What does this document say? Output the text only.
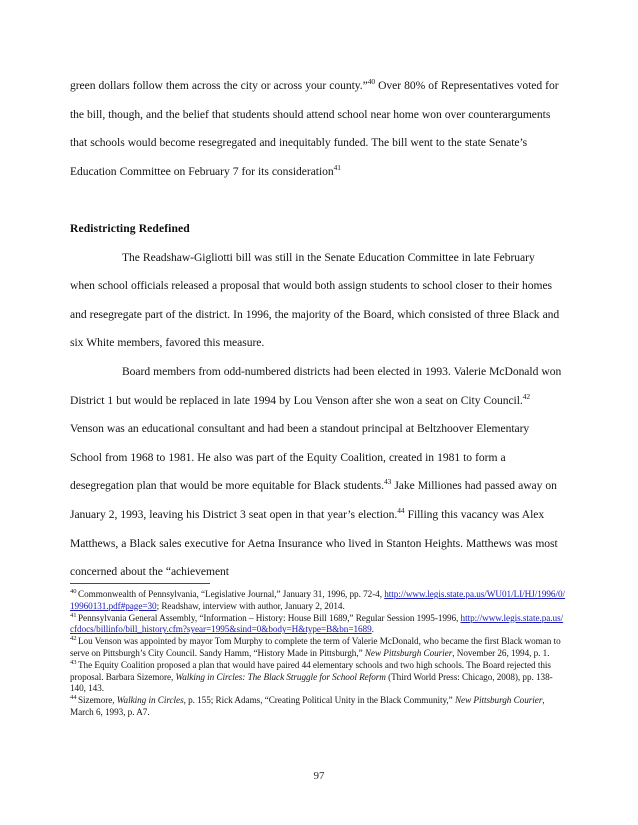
green dollars follow them across the city or across your county.”$^{40}$ Over 80% of Representatives voted for the bill, though, and the belief that students should attend school near home won over counterarguments that schools would become resegregated and inequitably funded. The bill went to the state Senate’s Education Committee on February 7 for its consideration$^{41}$

Redistricting Redefined

The Readshaw-Gigliotti bill was still in the Senate Education Committee in late February when school officials released a proposal that would both assign students to school closer to their homes and resegregate part of the district. In 1996, the majority of the Board, which consisted of three Black and six White members, favored this measure.

Board members from odd-numbered districts had been elected in 1993. Valerie McDonald won District 1 but would be replaced in late 1994 by Lou Venson after she won a seat on City Council.$^{42}$ Venson was an educational consultant and had been a standout principal at Beltzhoover Elementary School from 1968 to 1981. He also was part of the Equity Coalition, created in 1981 to form a desegregation plan that would be more equitable for Black students.$^{43}$ Jake Milliones had passed away on January 2, 1993, leaving his District 3 seat open in that year’s election.$^{44}$ Filling this vacancy was Alex Matthews, a Black sales executive for Aetna Insurance who lived in Stanton Heights. Matthews was most concerned about the “achievement

$^{40}$ Commonwealth of Pennsylvania, “Legislative Journal,” January 31, 1996, pp. 72-4, http://www.legis.state.pa.us/WU01/LI/HJ/1996/0/19960131.pdf#page=30; Readshaw, interview with author, January 2, 2014.

$^{41}$ Pennsylvania General Assembly, “Information – History: House Bill 1689,” Regular Session 1995-1996, http://www.legis.state.pa.us/cfdocs/billinfo/bill_history.cfm?syear=1995&sind=0&body=H&type=B&bn=1689.

$^{42}$ Lou Venson was appointed by mayor Tom Murphy to complete the term of Valerie McDonald, who became the first Black woman to serve on Pittsburgh’s City Council. Sandy Hamm, “History Made in Pittsburgh,” New Pittsburgh Courier, November 26, 1994, p. 1.

$^{43}$ The Equity Coalition proposed a plan that would have paired 44 elementary schools and two high schools. The Board rejected this proposal. Barbara Sizemore, Walking in Circles: The Black Struggle for School Reform (Third World Press: Chicago, 2008), pp. 138-140, 143.

$^{44}$ Sizemore, Walking in Circles, p. 155; Rick Adams, “Creating Political Unity in the Black Community,” New Pittsburgh Courier, March 6, 1993, p. A7.

97
